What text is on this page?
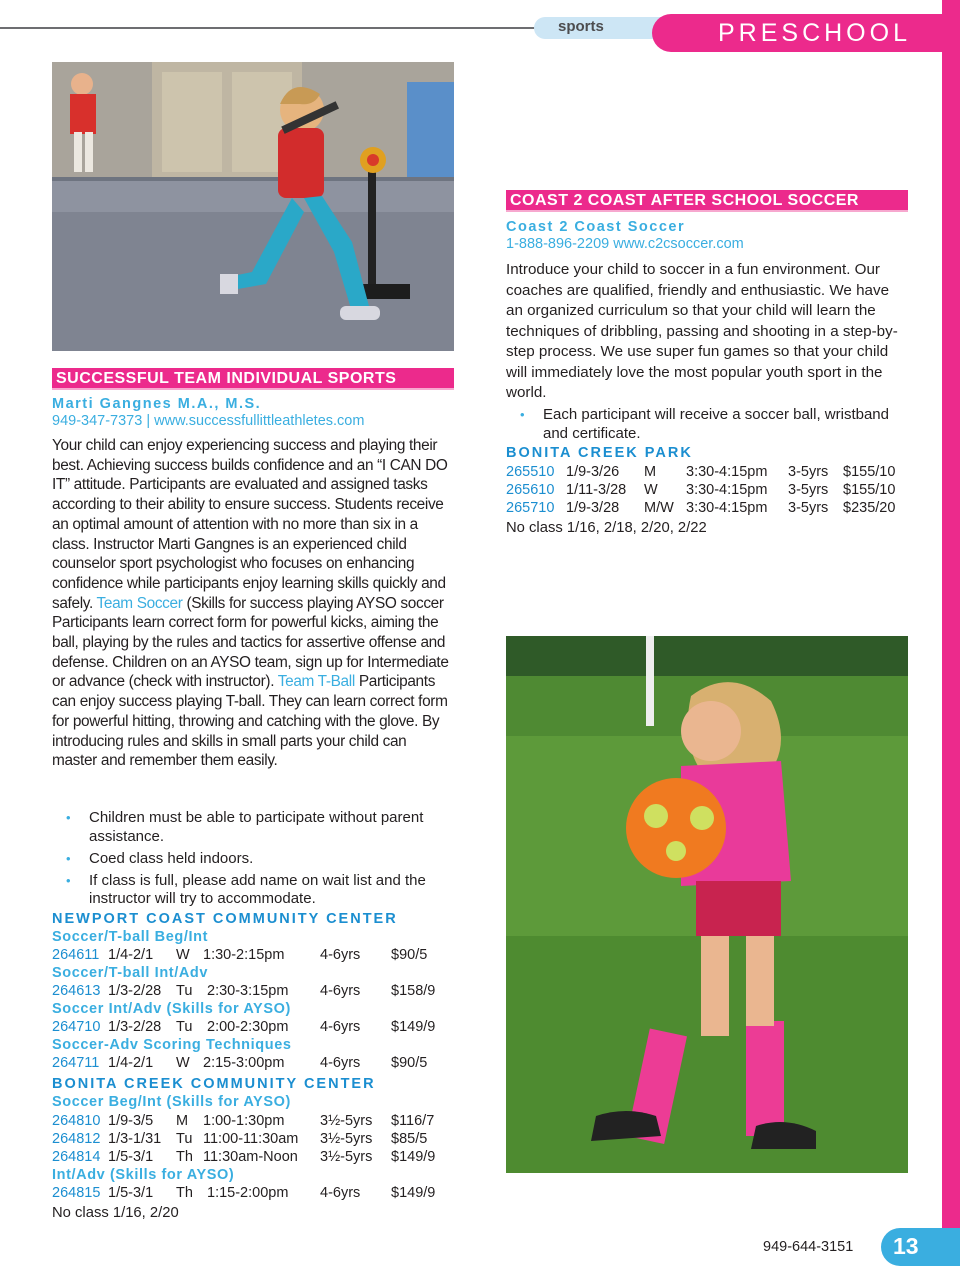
sports	PRESCHOOL
SUCCESSFUL TEAM INDIVIDUAL SPORTS
Marti Gangnes M.A., M.S.
949-347-7373 | www.successfullittleathletes.com
Your child can enjoy experiencing success and playing their best. Achieving success builds confidence and an “I CAN DO IT” attitude. Participants are evaluated and assigned tasks according to their ability to ensure success. Students receive an optimal amount of attention with no more than six in a class. Instructor Marti Gangnes is an experienced child counselor sport psychologist who focuses on enhancing confidence while participants enjoy learning skills quickly and safely. Team Soccer (Skills for success playing AYSO soccer Participants learn correct form for powerful kicks, aiming the ball, playing by the rules and tactics for assertive offense and defense. Children on an AYSO team, sign up for Intermediate or advance (check with instructor). Team T-Ball Participants can enjoy success playing T-ball. They can learn correct form for powerful hitting, throwing and catching with the glove. By introducing rules and skills in small parts your child can master and remember them easily.
• Children must be able to participate without parent assistance.
• Coed class held indoors.
• If class is full, please add name on wait list and the instructor will try to accommodate.
NEWPORT COAST COMMUNITY CENTER
Soccer/T-ball Beg/Int
264611 1/4-2/1 W 1:30-2:15pm 4-6yrs $90/5
Soccer/T-ball Int/Adv
264613 1/3-2/28 Tu 2:30-3:15pm 4-6yrs $158/9
Soccer Int/Adv (Skills for AYSO)
264710 1/3-2/28 Tu 2:00-2:30pm 4-6yrs $149/9
Soccer-Adv Scoring Techniques
264711 1/4-2/1 W 2:15-3:00pm 4-6yrs $90/5
BONITA CREEK COMMUNITY CENTER
Soccer Beg/Int (Skills for AYSO)
264810 1/9-3/5 M 1:00-1:30pm 3½-5yrs $116/7
264812 1/3-1/31 Tu 11:00-11:30am 3½-5yrs $85/5
264814 1/5-3/1 Th 11:30am-Noon 3½-5yrs $149/9
Int/Adv (Skills for AYSO)
264815 1/5-3/1 Th 1:15-2:00pm 4-6yrs $149/9
No class 1/16, 2/20
COAST 2 COAST AFTER SCHOOL SOCCER
Coast 2 Coast Soccer
1-888-896-2209 www.c2csoccer.com
Introduce your child to soccer in a fun environment. Our coaches are qualified, friendly and enthusiastic. We have an organized curriculum so that your child will learn the techniques of dribbling, passing and shooting in a step-by-step process. We use super fun games so that your child will immediately love the most popular youth sport in the world.
• Each participant will receive a soccer ball, wristband and certificate.
BONITA CREEK PARK
265510 1/9-3/26 M 3:30-4:15pm 3-5yrs $155/10
265610 1/11-3/28 W 3:30-4:15pm 3-5yrs $155/10
265710 1/9-3/28 M/W 3:30-4:15pm 3-5yrs $235/20
No class 1/16, 2/18, 2/20, 2/22
949-644-3151	13
